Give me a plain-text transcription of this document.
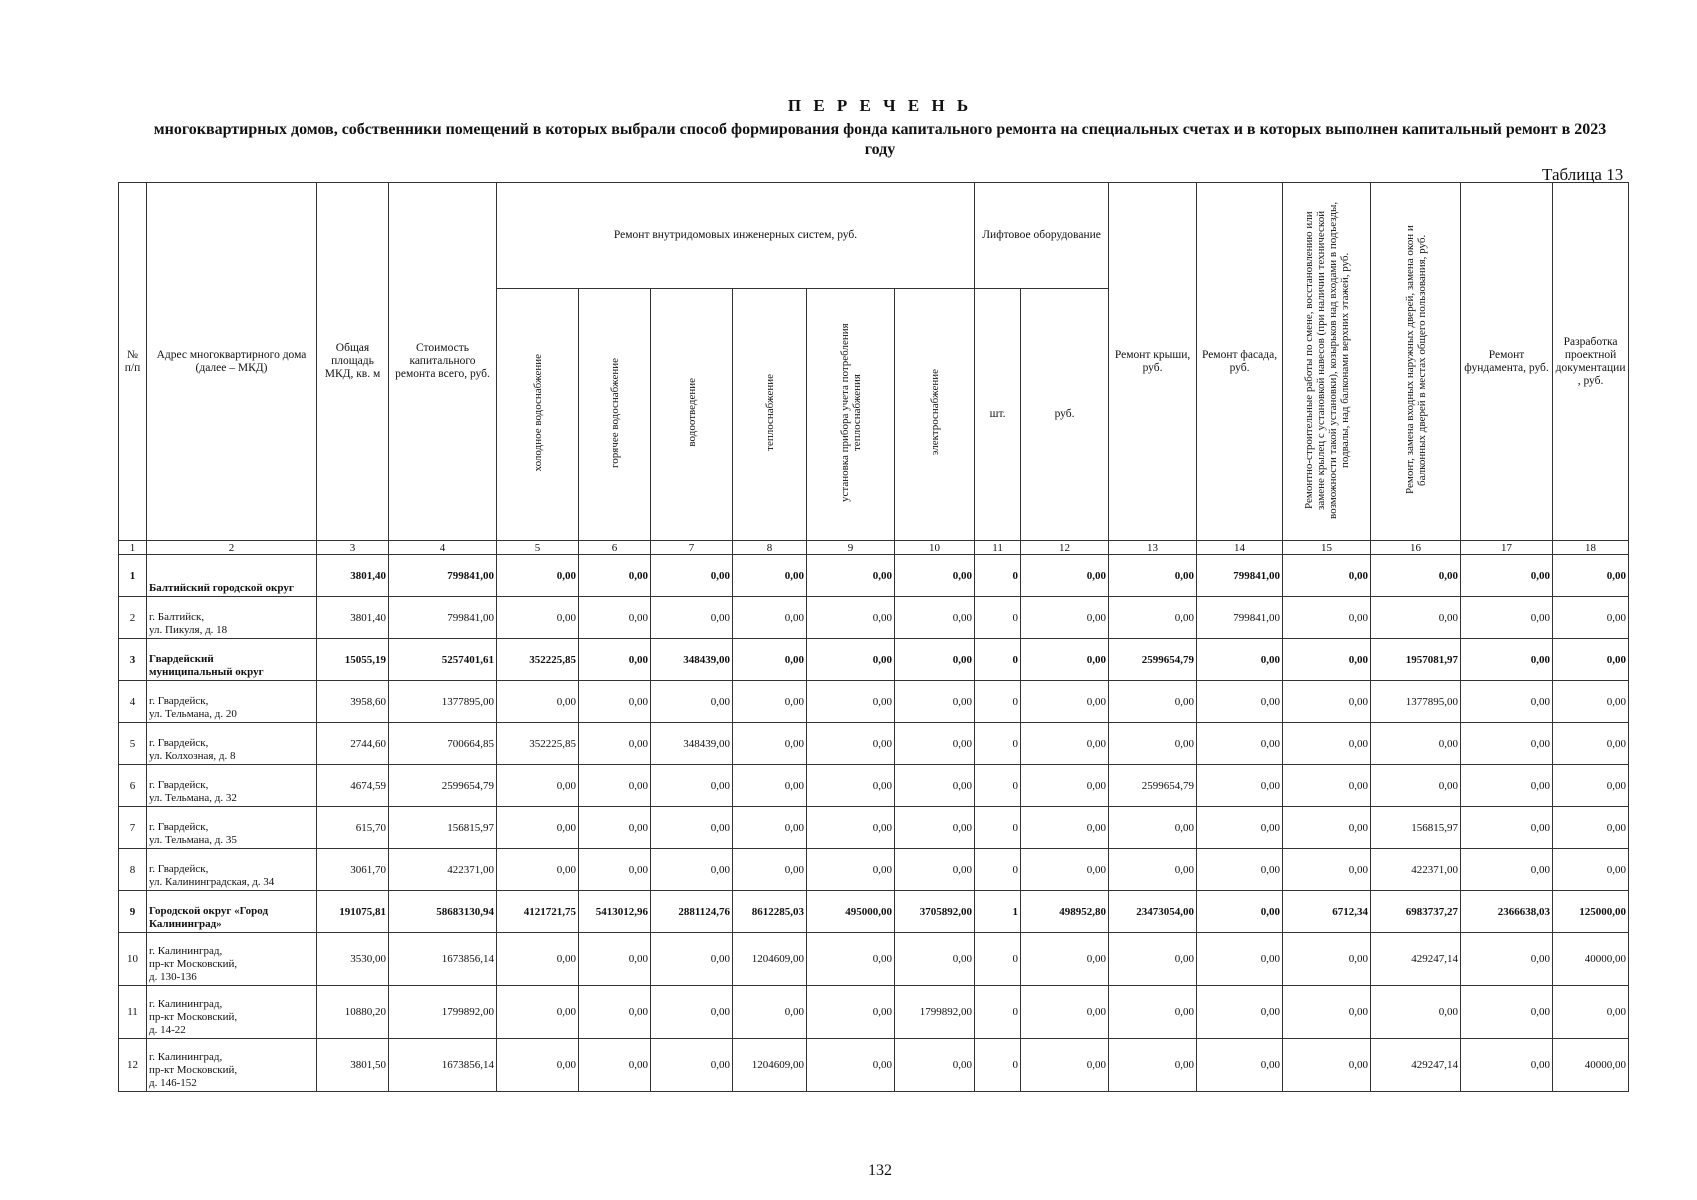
П Е Р Е Ч Е Н Ь
многоквартирных домов, собственники помещений в которых выбрали способ формирования фонда капитального ремонта на специальных счетах и в которых выполнен капитальный ремонт в 2023 году
Таблица 13
№ п/п	Адрес многоквартирного дома (далее – МКД)	Общая площадь МКД, кв. м	Стоимость капитального ремонта всего, руб.	Ремонт внутридомовых инженерных систем, руб.						Лифтовое оборудование		Ремонт крыши, руб.	Ремонт фасада, руб.	Ремонтно-строительные работы по смене, восстановлению или замене крылец с установкой навесов (при наличии технической возможности такой установки), козырьков над входами в подъезды, подвалы, над балконами верхних этажей, руб.	Ремонт, замена входных наружных дверей, замена окон и балконных дверей в местах общего пользования, руб.	Ремонт фундамента, руб.	Разработка проектной документации , руб.
				холодное водоснабжение	горячее водоснабжение	водоотведение	теплоснабжение	установка прибора учета потребления теплоснабжения	электроснабжение	шт.	руб.						
1	2	3	4	5	6	7	8	9	10	11	12	13	14	15	16	17	18
1	Балтийский городской округ	3801,40	799841,00	0,00	0,00	0,00	0,00	0,00	0,00	0	0,00	0,00	799841,00	0,00	0,00	0,00	0,00
2	г. Балтийск,
ул. Пикуля, д. 18	3801,40	799841,00	0,00	0,00	0,00	0,00	0,00	0,00	0	0,00	0,00	799841,00	0,00	0,00	0,00	0,00
3	Гвардейский
муниципальный округ	15055,19	5257401,61	352225,85	0,00	348439,00	0,00	0,00	0,00	0	0,00	2599654,79	0,00	0,00	1957081,97	0,00	0,00
4	г. Гвардейск,
ул. Тельмана, д. 20	3958,60	1377895,00	0,00	0,00	0,00	0,00	0,00	0,00	0	0,00	0,00	0,00	0,00	1377895,00	0,00	0,00
5	г. Гвардейск,
ул. Колхозная, д. 8	2744,60	700664,85	352225,85	0,00	348439,00	0,00	0,00	0,00	0	0,00	0,00	0,00	0,00	0,00	0,00	0,00
6	г. Гвардейск,
ул. Тельмана, д. 32	4674,59	2599654,79	0,00	0,00	0,00	0,00	0,00	0,00	0	0,00	2599654,79	0,00	0,00	0,00	0,00	0,00
7	г. Гвардейск,
ул. Тельмана, д. 35	615,70	156815,97	0,00	0,00	0,00	0,00	0,00	0,00	0	0,00	0,00	0,00	0,00	156815,97	0,00	0,00
8	г. Гвардейск,
ул. Калининградская, д. 34	3061,70	422371,00	0,00	0,00	0,00	0,00	0,00	0,00	0	0,00	0,00	0,00	0,00	422371,00	0,00	0,00
9	Городской округ «Город
Калининград»	191075,81	58683130,94	4121721,75	5413012,96	2881124,76	8612285,03	495000,00	3705892,00	1	498952,80	23473054,00	0,00	6712,34	6983737,27	2366638,03	125000,00
10	г. Калининград,
пр-кт Московский,
д. 130-136	3530,00	1673856,14	0,00	0,00	0,00	1204609,00	0,00	0,00	0	0,00	0,00	0,00	0,00	429247,14	0,00	40000,00
11	г. Калининград,
пр-кт Московский,
д. 14-22	10880,20	1799892,00	0,00	0,00	0,00	0,00	0,00	1799892,00	0	0,00	0,00	0,00	0,00	0,00	0,00	0,00
12	г. Калининград,
пр-кт Московский,
д. 146-152	3801,50	1673856,14	0,00	0,00	0,00	1204609,00	0,00	0,00	0	0,00	0,00	0,00	0,00	429247,14	0,00	40000,00
132
